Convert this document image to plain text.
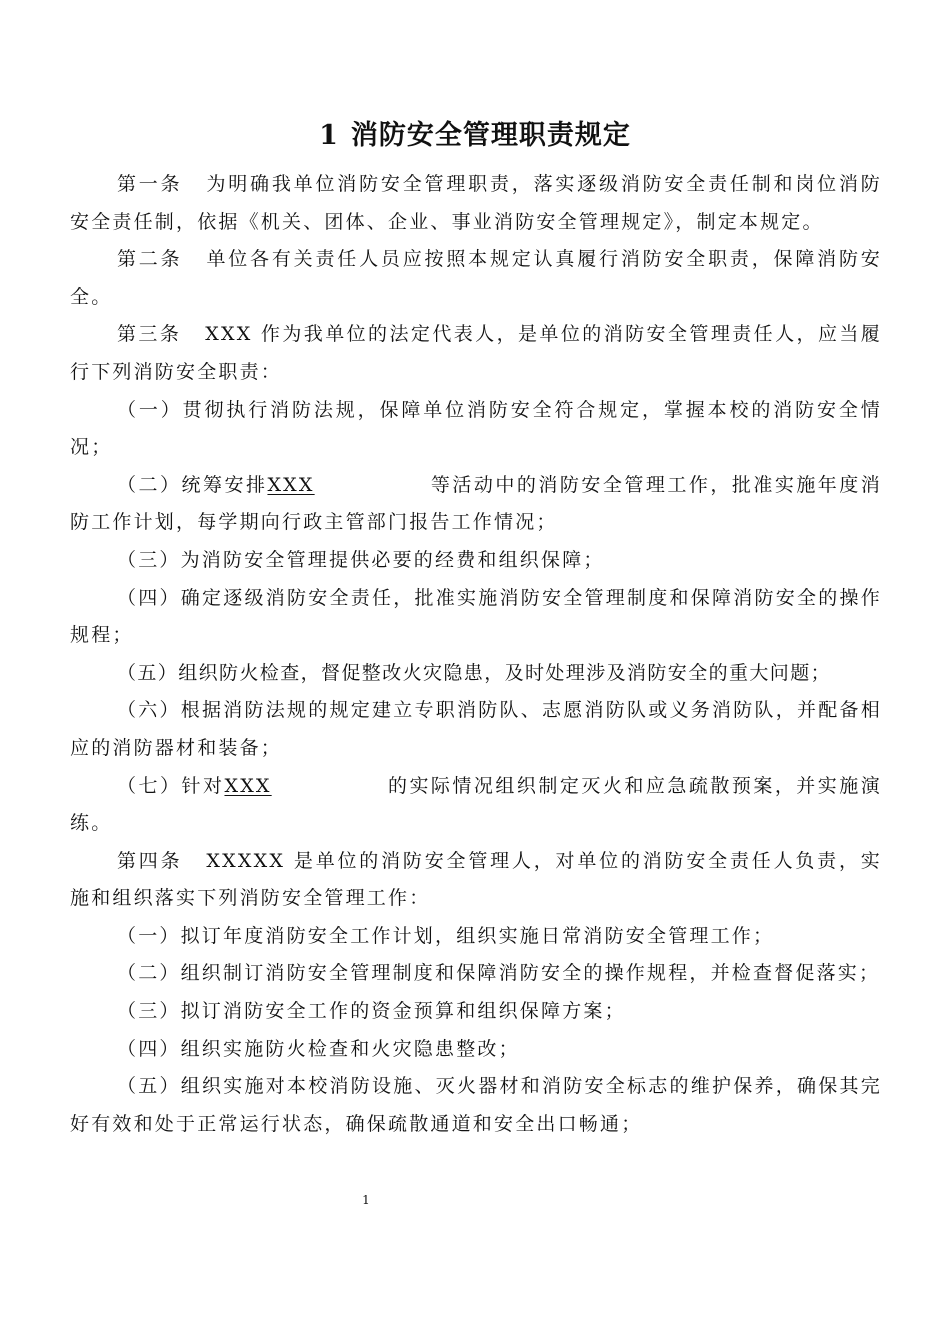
1 消防安全管理职责规定

第一条 为明确我单位消防安全管理职责，落实逐级消防安全责任制和岗位消防安全责任制，依据《机关、团体、企业、事业消防安全管理规定》，制定本规定。

第二条 单位各有关责任人员应按照本规定认真履行消防安全职责，保障消防安全。

第三条 XXX 作为我单位的法定代表人，是单位的消防安全管理责任人，应当履行下列消防安全职责：

（一）贯彻执行消防法规，保障单位消防安全符合规定，掌握本校的消防安全情况；

（二）统筹安排XXX	等活动中的消防安全管理工作，批准实施年度消防工作计划，每学期向行政主管部门报告工作情况；

（三）为消防安全管理提供必要的经费和组织保障；

（四）确定逐级消防安全责任，批准实施消防安全管理制度和保障消防安全的操作规程；

（五）组织防火检查，督促整改火灾隐患，及时处理涉及消防安全的重大问题；

（六）根据消防法规的规定建立专职消防队、志愿消防队或义务消防队，并配备相应的消防器材和装备；

（七）针对XXX	的实际情况组织制定灭火和应急疏散预案，并实施演练。

第四条 XXXXX 是单位的消防安全管理人，对单位的消防安全责任人负责，实施和组织落实下列消防安全管理工作：

（一）拟订年度消防安全工作计划，组织实施日常消防安全管理工作；

（二）组织制订消防安全管理制度和保障消防安全的操作规程，并检查督促落实；

（三）拟订消防安全工作的资金预算和组织保障方案；

（四）组织实施防火检查和火灾隐患整改；

（五）组织实施对本校消防设施、灭火器材和消防安全标志的维护保养，确保其完好有效和处于正常运行状态，确保疏散通道和安全出口畅通；

1
